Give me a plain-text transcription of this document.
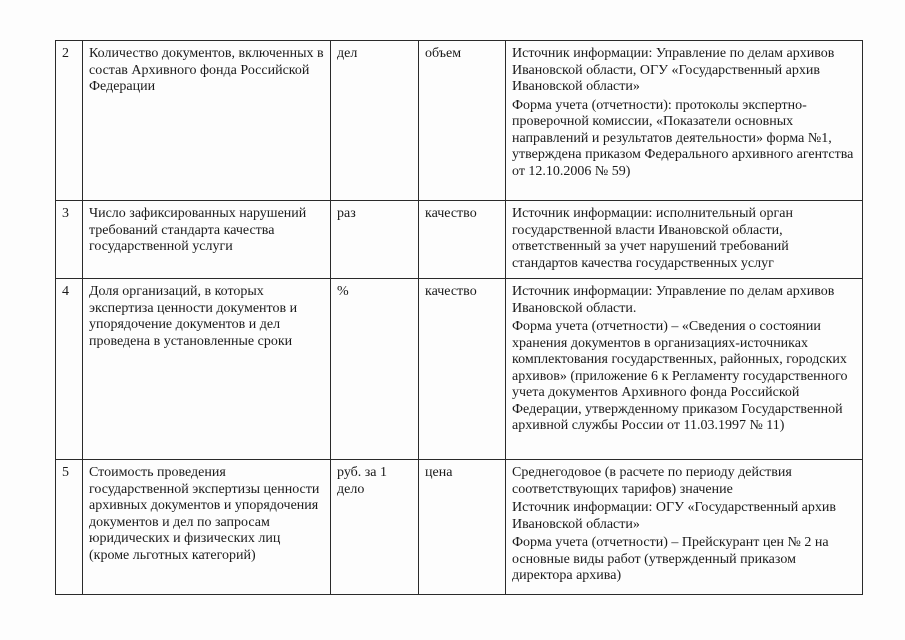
2	Количество документов, включенных в состав Архивного фонда Российской Федерации	дел	объем	Источник информации: Управление по делам архивов Ивановской области, ОГУ «Государственный архив Ивановской области»

Форма учета (отчетности): протоколы экспертно-проверочной комиссии, «Показатели основных направлений и результатов деятельности» форма №1, утверждена приказом Федерального архивного агентства от 12.10.2006 № 59)

3	Число зафиксированных нарушений требований стандарта качества государственной услуги	раз	качество	Источник информации: исполнительный орган государственной власти Ивановской области, ответственный за учет нарушений требований стандартов качества государственных услуг

4	Доля организаций, в которых экспертиза ценности документов и упорядочение документов и дел проведена в установленные сроки	%	качество	Источник информации: Управление по делам архивов Ивановской области.

Форма учета (отчетности) – «Сведения о состоянии хранения документов в организациях-источниках комплектования государственных, районных, городских архивов» (приложение 6 к Регламенту государственного учета документов Архивного фонда Российской Федерации, утвержденному приказом Государственной архивной службы России от 11.03.1997 № 11)

5	Стоимость проведения государственной экспертизы ценности архивных документов и упорядочения документов и дел по запросам юридических и физических лиц (кроме льготных категорий)	руб. за 1 дело	цена	Среднегодовое (в расчете по периоду действия соответствующих тарифов) значение

Источник информации: ОГУ «Государственный архив Ивановской области»

Форма учета (отчетности) – Прейскурант цен № 2 на основные виды работ (утвержденный приказом директора архива)
